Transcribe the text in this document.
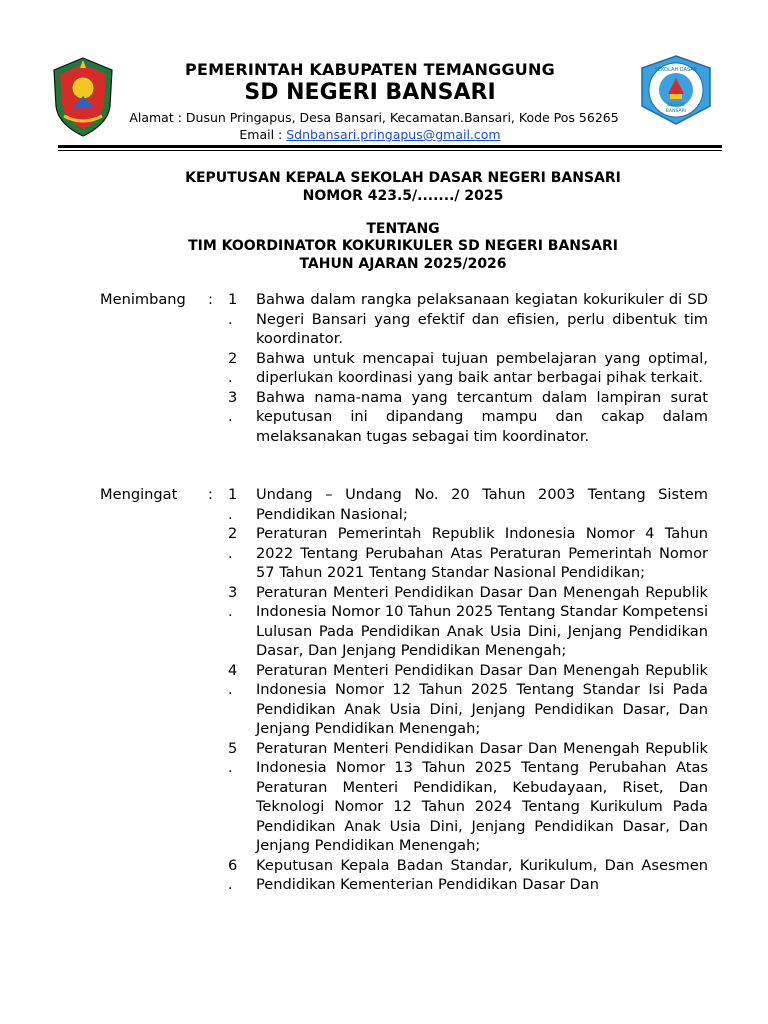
SEKOLAH DASAR
NEGERI
BANSARI
PEMERINTAH KABUPATEN TEMANGGUNG
SD NEGERI BANSARI
Alamat : Dusun Pringapus, Desa Bansari, Kecamatan.Bansari, Kode Pos 56265
Email : Sdnbansari.pringapus@gmail.com
KEPUTUSAN KEPALA SEKOLAH DASAR NEGERI BANSARI
NOMOR 423.5/......./ 2025
TENTANG
TIM KOORDINATOR KOKURIKULER SD NEGERI BANSARI
TAHUN AJARAN 2025/2026
Menimbang : 1
.
Bahwa dalam rangka pelaksanaan kegiatan kokurikuler di SD Negeri Bansari yang efektif dan efisien, perlu dibentuk tim koordinator.
2
.
Bahwa untuk mencapai tujuan pembelajaran yang optimal, diperlukan koordinasi yang baik antar berbagai pihak terkait.
3
.
Bahwa nama-nama yang tercantum dalam lampiran surat keputusan ini dipandang mampu dan cakap dalam melaksanakan tugas sebagai tim koordinator.
Mengingat : 1
.
Undang – Undang No. 20 Tahun 2003 Tentang Sistem Pendidikan Nasional;
2
.
Peraturan Pemerintah Republik Indonesia Nomor 4 Tahun 2022 Tentang Perubahan Atas Peraturan Pemerintah Nomor 57 Tahun 2021 Tentang Standar Nasional Pendidikan;
3
.
Peraturan Menteri Pendidikan Dasar Dan Menengah Republik Indonesia Nomor 10 Tahun 2025 Tentang Standar Kompetensi Lulusan Pada Pendidikan Anak Usia Dini, Jenjang Pendidikan Dasar, Dan Jenjang Pendidikan Menengah;
4
.
Peraturan Menteri Pendidikan Dasar Dan Menengah Republik Indonesia Nomor 12 Tahun 2025 Tentang Standar Isi Pada Pendidikan Anak Usia Dini, Jenjang Pendidikan Dasar, Dan Jenjang Pendidikan Menengah;
5
.
Peraturan Menteri Pendidikan Dasar Dan Menengah Republik Indonesia Nomor 13 Tahun 2025 Tentang Perubahan Atas Peraturan Menteri Pendidikan, Kebudayaan, Riset, Dan Teknologi Nomor 12 Tahun 2024 Tentang Kurikulum Pada Pendidikan Anak Usia Dini, Jenjang Pendidikan Dasar, Dan Jenjang Pendidikan Menengah;
6
.
Keputusan Kepala Badan Standar, Kurikulum, Dan Asesmen Pendidikan Kementerian Pendidikan Dasar Dan
